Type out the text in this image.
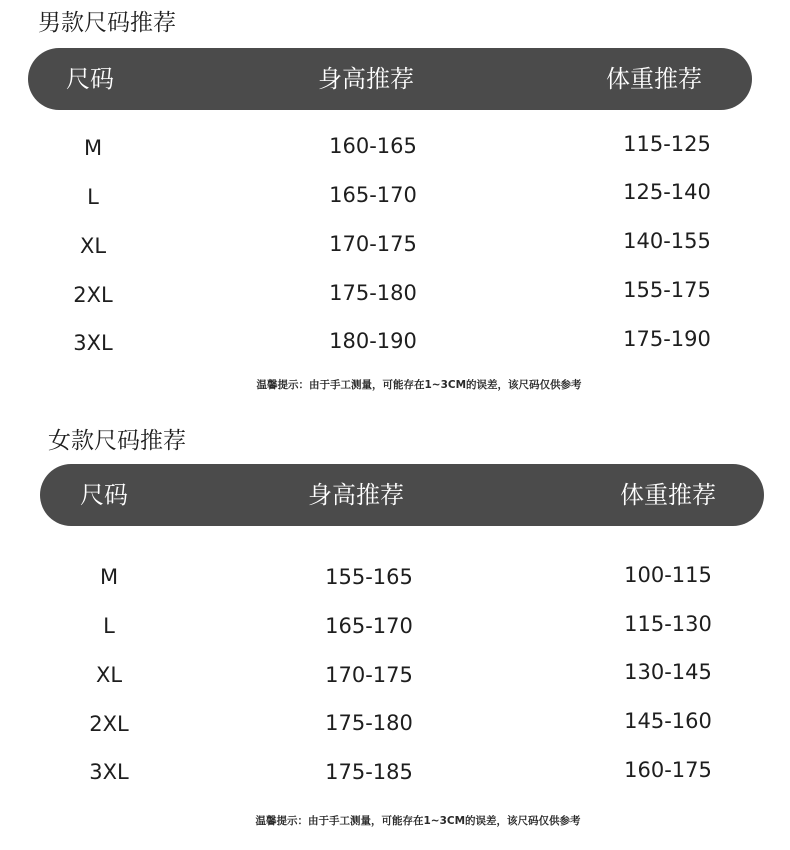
男款尺码推荐
尺码	身高推荐	体重推荐
M	160-165	115-125
L	165-170	125-140
XL	170-175	140-155
2XL	175-180	155-175
3XL	180-190	175-190
温馨提示：由于手工测量，可能存在1~3CM的误差，该尺码仅供参考
女款尺码推荐
尺码	身高推荐	体重推荐
M	155-165	100-115
L	165-170	115-130
XL	170-175	130-145
2XL	175-180	145-160
3XL	175-185	160-175
温馨提示：由于手工测量，可能存在1~3CM的误差，该尺码仅供参考
